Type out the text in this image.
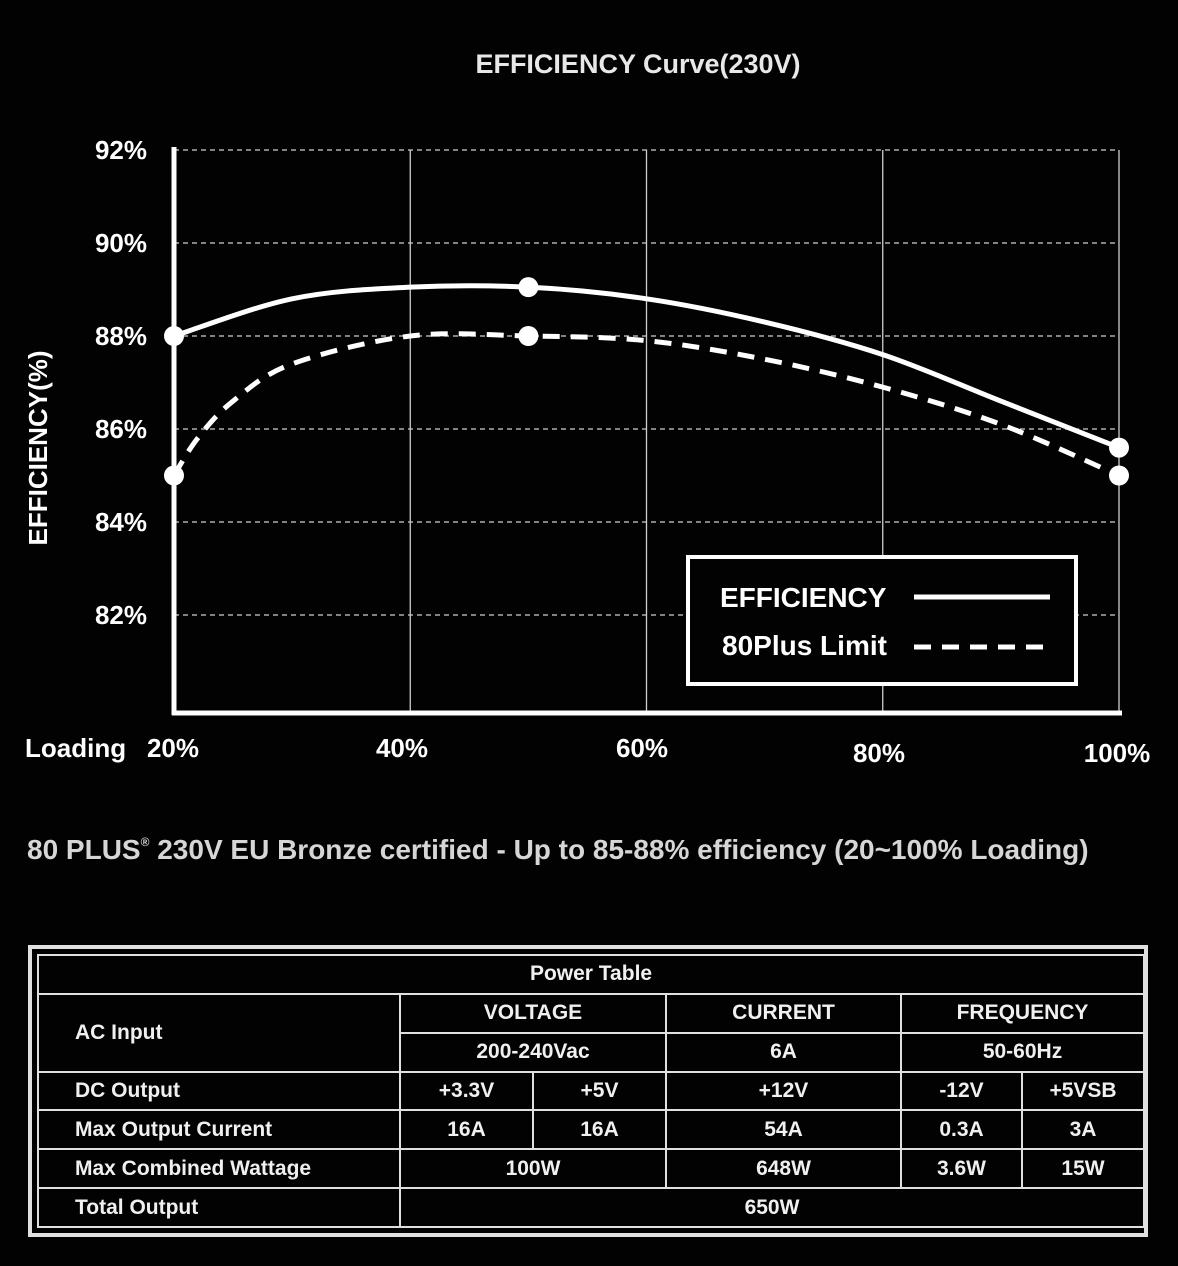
EFFICIENCY Curve(230V)
EFFICIENCY(%)
Loading
92%
90%
88%
86%
84%
82%
20%	40%	60%	80%	100%
EFFICIENCY
80Plus Limit
80 PLUS® 230V EU Bronze certified - Up to 85-88% efficiency (20~100% Loading)
Power Table					
AC Input	VOLTAGE		CURRENT	FREQUENCY	
	200-240Vac		6A	50-60Hz	
DC Output	+3.3V	+5V	+12V	-12V	+5VSB
Max Output Current	16A	16A	54A	0.3A	3A
Max Combined Wattage	100W		648W	3.6W	15W
Total Output	650W				
